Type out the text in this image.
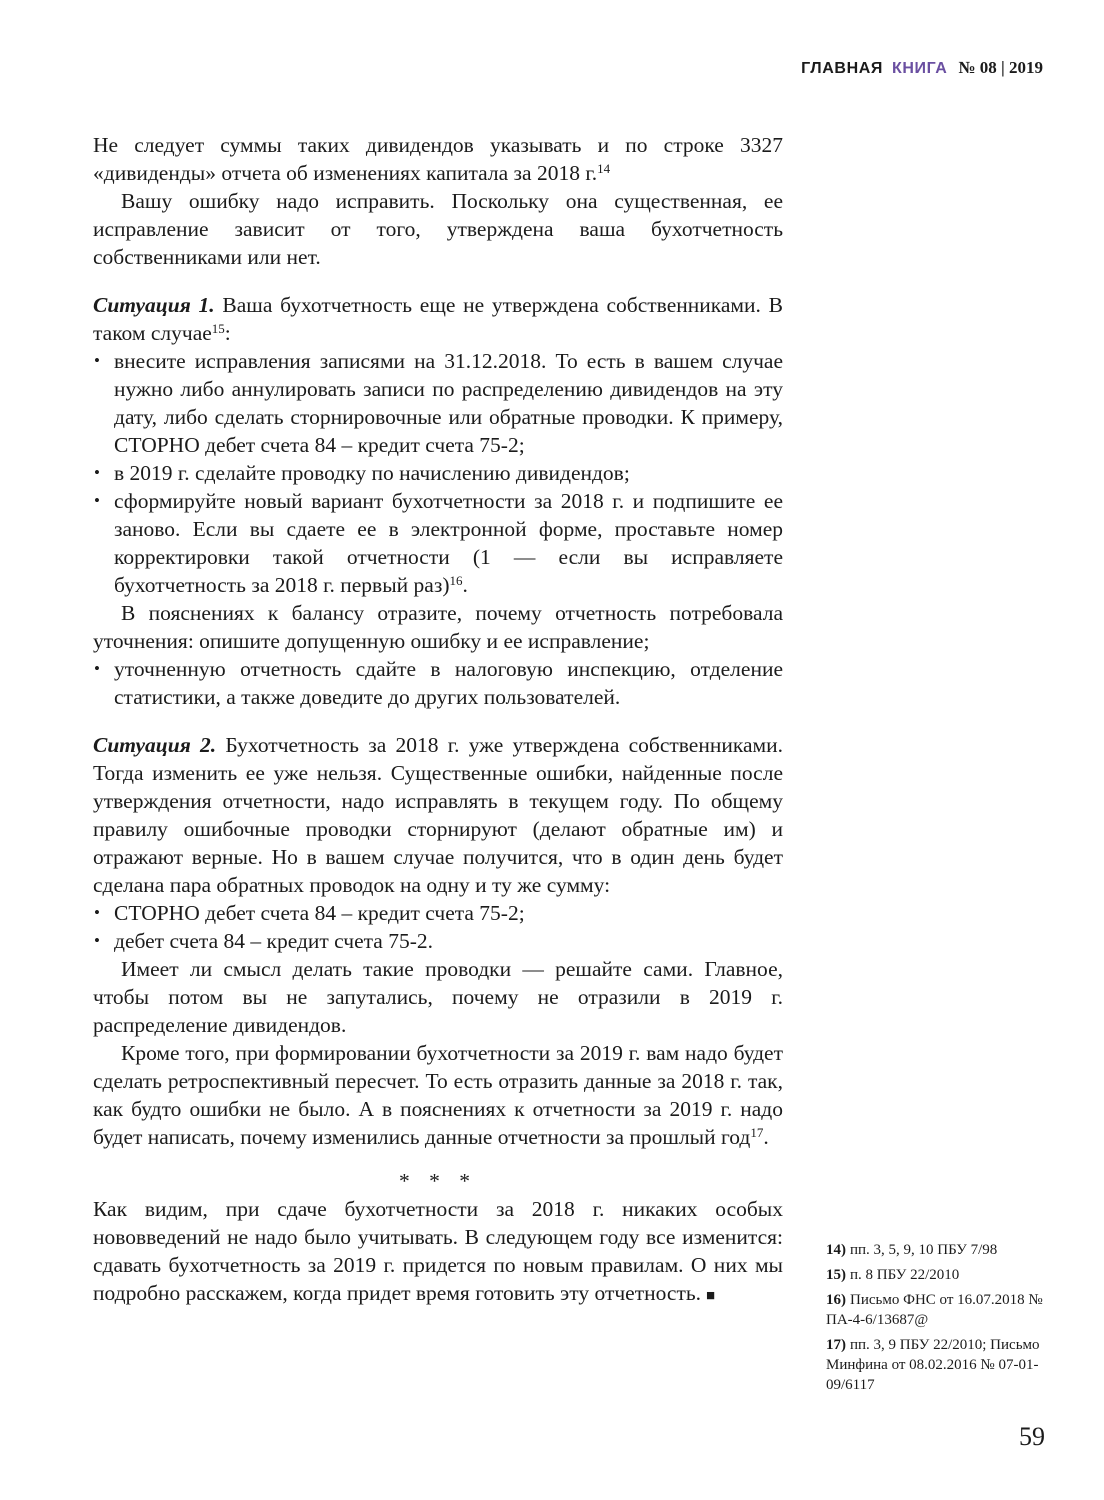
ГЛАВНАЯ КНИГА № 08 | 2019

Не следует суммы таких дивидендов указывать и по строке 3327 «дивиденды» отчета об изменениях капитала за 2018 г.$^{14}$

Вашу ошибку надо исправить. Поскольку она существенная, ее исправление зависит от того, утверждена ваша бухотчетность собственниками или нет.

Ситуация 1. Ваша бухотчетность еще не утверждена собственниками. В таком случае$^{15}$:

• внесите исправления записями на 31.12.2018. То есть в вашем случае нужно либо аннулировать записи по распределению дивидендов на эту дату, либо сделать сторнировочные или обратные проводки. К примеру, СТОРНО дебет счета 84 – кредит счета 75-2;

• в 2019 г. сделайте проводку по начислению дивидендов;

• сформируйте новый вариант бухотчетности за 2018 г. и подпишите ее заново. Если вы сдаете ее в электронной форме, проставьте номер корректировки такой отчетности (1 — если вы исправляете бухотчетность за 2018 г. первый раз)$^{16}$.

В пояснениях к балансу отразите, почему отчетность потребовала уточнения: опишите допущенную ошибку и ее исправление;

• уточненную отчетность сдайте в налоговую инспекцию, отделение статистики, а также доведите до других пользователей.

Ситуация 2. Бухотчетность за 2018 г. уже утверждена собственниками. Тогда изменить ее уже нельзя. Существенные ошибки, найденные после утверждения отчетности, надо исправлять в текущем году. По общему правилу ошибочные проводки сторнируют (делают обратные им) и отражают верные. Но в вашем случае получится, что в один день будет сделана пара обратных проводок на одну и ту же сумму:

• СТОРНО дебет счета 84 – кредит счета 75-2;

• дебет счета 84 – кредит счета 75-2.

Имеет ли смысл делать такие проводки — решайте сами. Главное, чтобы потом вы не запутались, почему не отразили в 2019 г. распределение дивидендов.

Кроме того, при формировании бухотчетности за 2019 г. вам надо будет сделать ретроспективный пересчет. То есть отразить данные за 2018 г. так, как будто ошибки не было. А в пояснениях к отчетности за 2019 г. надо будет написать, почему изменились данные отчетности за прошлый год$^{17}$.

* * *

Как видим, при сдаче бухотчетности за 2018 г. никаких особых нововведений не надо было учитывать. В следующем году все изменится: сдавать бухотчетность за 2019 г. придется по новым правилам. О них мы подробно расскажем, когда придет время готовить эту отчетность. ■

14) пп. 3, 5, 9, 10 ПБУ 7/98
15) п. 8 ПБУ 22/2010
16) Письмо ФНС от 16.07.2018 № ПА-4-6/13687@
17) пп. 3, 9 ПБУ 22/2010; Письмо Минфина от 08.02.2016 № 07-01-09/6117
59
